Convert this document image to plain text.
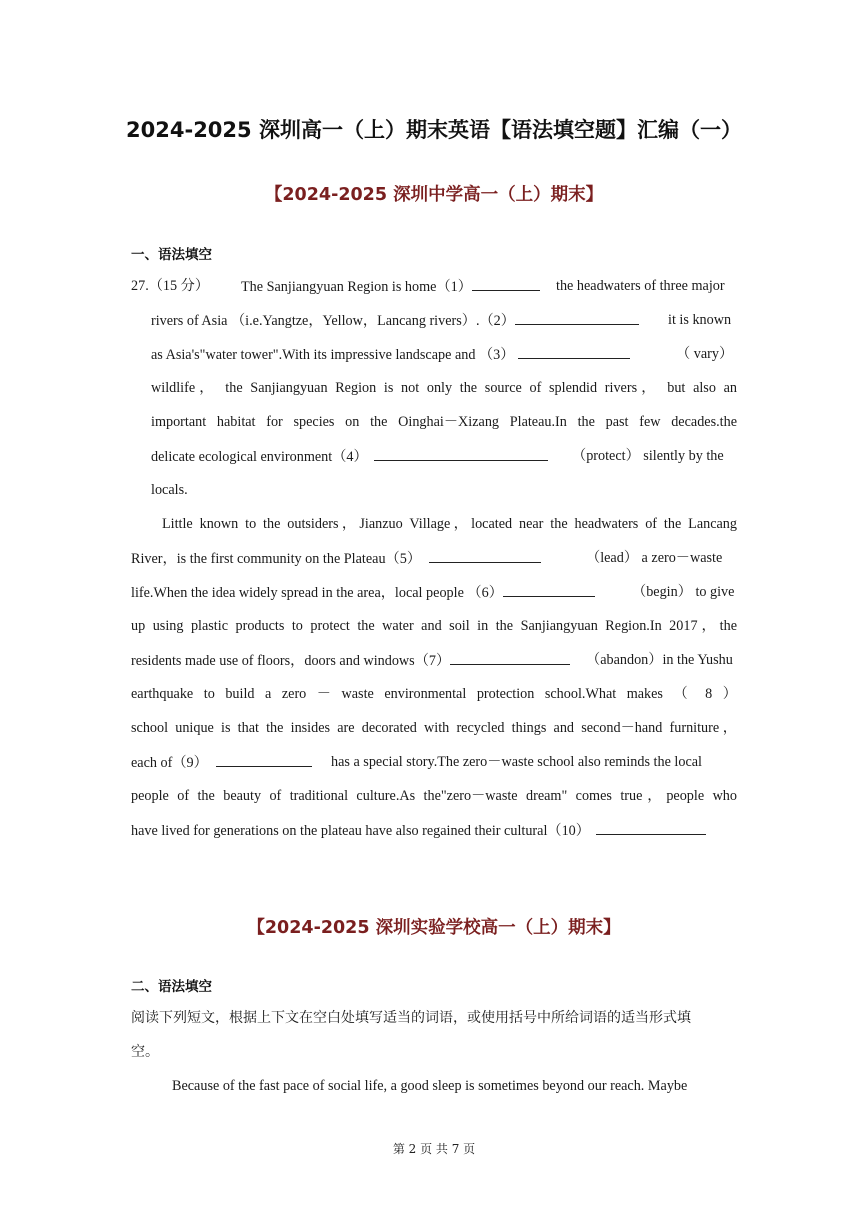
2024-2025 深圳高一（上）期末英语【语法填空题】汇编（一）
【2024-2025 深圳中学高一（上）期末】
一、语法填空
27.（15 分） The Sanjiangyuan Region is home（1）	the headwaters of three major
rivers of Asia （i.e.Yangtze，Yellow，Lancang rivers）.（2）	it is known
as Asia's"water tower".With its impressive landscape and （3）	（ vary）
wildlife， the Sanjiangyuan Region is not only the source of splendid rivers， but also an
important habitat for species on the Oinghai－Xizang Plateau.In the past few decades.the
delicate ecological environment（4）	（protect） silently by the
locals.
Little known to the outsiders，Jianzuo Village，located near the headwaters of the Lancang
River，is the first community on the Plateau（5）	（lead） a zero－waste
life.When the idea widely spread in the area，local people （6）	（begin） to give
up using plastic products to protect the water and soil in the Sanjiangyuan Region.In 2017，the
residents made use of floors，doors and windows（7）	（abandon）in the Yushu
earthquake to build a zero － waste environmental protection school.What makes （ 8 ）
school unique is that the insides are decorated with recycled things and second－hand furniture，
each of（9）	has a special story.The zero－waste school also reminds the local
people of the beauty of traditional culture.As the"zero－waste dream" comes true，people who
have lived for generations on the plateau have also regained their cultural（10）
【2024-2025 深圳实验学校高一（上）期末】
二、语法填空
阅读下列短文，根据上下文在空白处填写适当的词语，或使用括号中所给词语的适当形式填
空。
Because of the fast pace of social life, a good sleep is sometimes beyond our reach. Maybe
第 2 页 共 7 页
